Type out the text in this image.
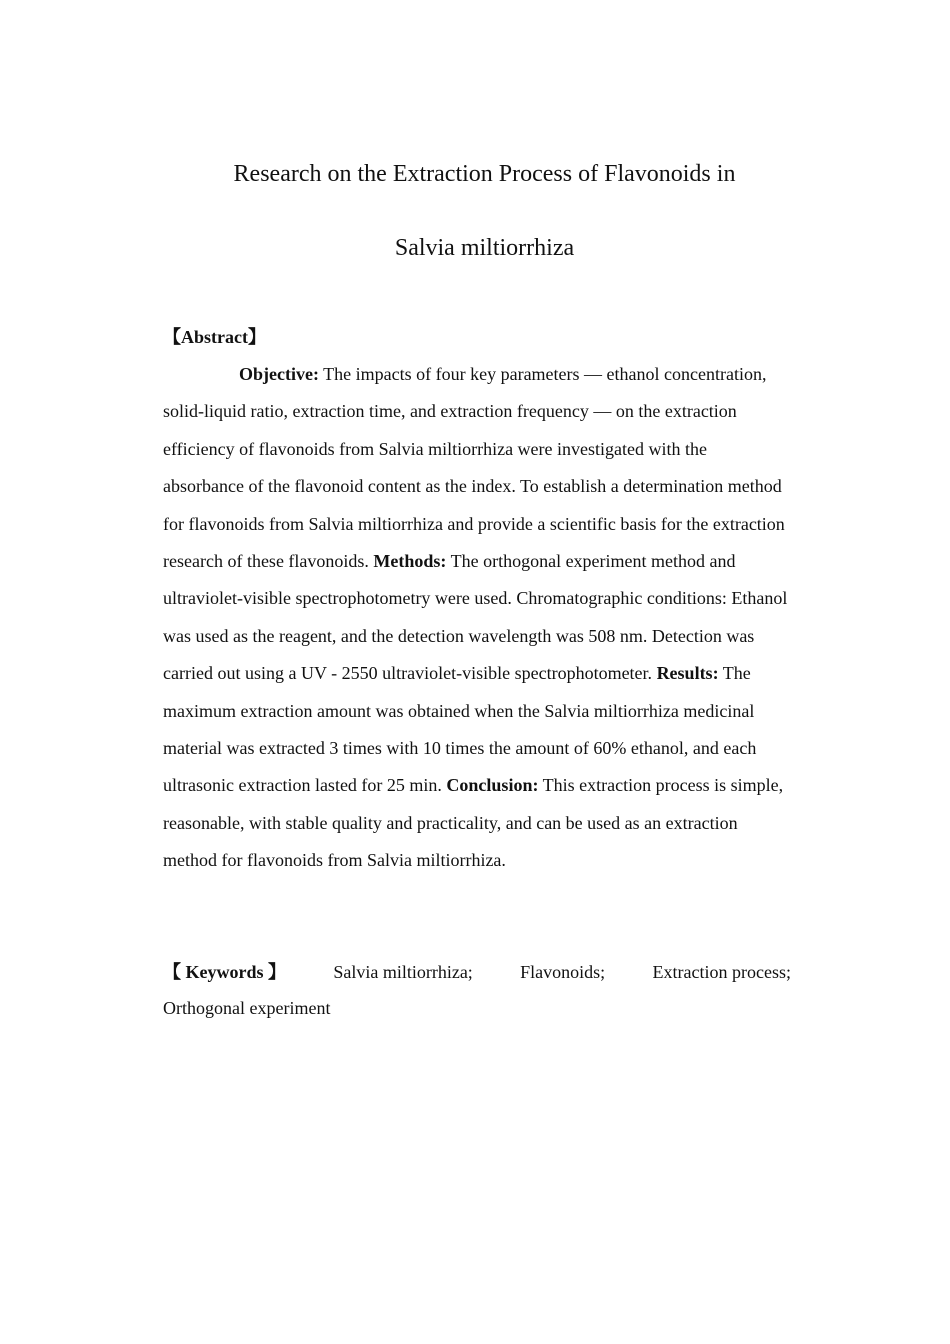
Research on the Extraction Process of Flavonoids in
Salvia miltiorrhiza

【Abstract】

Objective: The impacts of four key parameters — ethanol concentration, solid-liquid ratio, extraction time, and extraction frequency — on the extraction efficiency of flavonoids from Salvia miltiorrhiza were investigated with the absorbance of the flavonoid content as the index. To establish a determination method for flavonoids from Salvia miltiorrhiza and provide a scientific basis for the extraction research of these flavonoids. Methods: The orthogonal experiment method and ultraviolet-visible spectrophotometry were used. Chromatographic conditions: Ethanol was used as the reagent, and the detection wavelength was 508 nm. Detection was carried out using a UV - 2550 ultraviolet-visible spectrophotometer. Results: The maximum extraction amount was obtained when the Salvia miltiorrhiza medicinal material was extracted 3 times with 10 times the amount of 60% ethanol, and each ultrasonic extraction lasted for 25 min. Conclusion: This extraction process is simple, reasonable, with stable quality and practicality, and can be used as an extraction method for flavonoids from Salvia miltiorrhiza.

【 Keywords 】	Salvia miltiorrhiza;	Flavonoids;	Extraction process;
Orthogonal experiment
